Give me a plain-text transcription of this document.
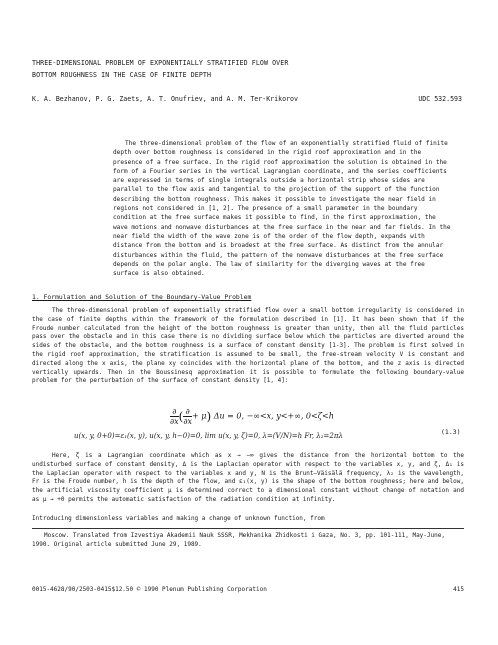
THREE-DIMENSIONAL PROBLEM OF EXPONENTIALLY STRATIFIED FLOW OVER
BOTTOM ROUGHNESS IN THE CASE OF FINITE DEPTH
K. A. Bezhanov, P. G. Zaets, A. T. Onufriev, and A. M. Ter-Krikorov	UDC 532.593

The three-dimensional problem of the flow of an exponentially stratified fluid of finite depth over bottom roughness is considered in the rigid roof approximation and in the presence of a free surface. In the rigid roof approximation the solution is obtained in the form of a Fourier series in the vertical Lagrangian coordinate, and the series coefficients are expressed in terms of single integrals outside a horizontal strip whose sides are parallel to the flow axis and tangential to the projection of the support of the function describing the bottom roughness. This makes it possible to investigate the near field in regions not considered in [1, 2]. The presence of a small parameter in the boundary condition at the free surface makes it possible to find, in the first approximation, the wave motions and nonwave disturbances at the free surface in the near and far fields. In the near field the width of the wave zone is of the order of the flow depth, expands with distance from the bottom and is broadest at the free surface. As distinct from the annular disturbances within the fluid, the pattern of the nonwave disturbances at the free surface depends on the polar angle. The law of similarity for the diverging waves at the free surface is also obtained.

1. Formulation and Solution of the Boundary-Value Problem

The three-dimensional problem of exponentially stratified flow over a small bottom irregularity is considered in the case of finite depths within the framework of the formulation described in [1]. It has been shown that if the Froude number calculated from the height of the bottom roughness is greater than unity, then all the fluid particles pass over the obstacle and in this case there is no dividing surface below which the particles are diverted around the sides of the obstacle, and the bottom roughness is a surface of constant density [1-3]. The problem is first solved in the rigid roof approximation, the stratification is assumed to be small, the free-stream velocity V is constant and directed along the x axis, the plane xy coincides with the horizontal plane of the bottom, and the z axis is directed vertically upwards. Then in the Boussinesq approximation it is possible to formulate the following boundary-value problem for the perturbation of the surface of constant density [1, 4]:

$\frac{\partial}{\partial x}$ ( $\frac{\partial}{\partial x} + \mu$) Δu = 0, −∞<x, y<+∞, 0<ζ<h
u(x, y, 0+0)=ε₁(x, y), u(x, y, h−0)=0, lim u(x, y, ζ)=0, λ=(V/N)=h Fr, λ₂=2πλ	(1.3)

Here, ζ is a Lagrangian coordinate which as x → −∞ gives the distance from the horizontal bottom to the undisturbed surface of constant density, Δ is the Laplacian operator with respect to the variables x, y, and ζ, Δ₁ is the Laplacian operator with respect to the variables x and y, N is the Brunt–Väisälä frequency, λ₂ is the wavelength, Fr is the Froude number, h is the depth of the flow, and ε₁(x, y) is the shape of the bottom roughness; here and below, the artificial viscosity coefficient μ is determined correct to a dimensional constant without change of notation and as μ → +0 permits the automatic satisfaction of the radiation condition at infinity.

Introducing dimensionless variables and making a change of unknown function, from

Moscow. Translated from Izvestiya Akademii Nauk SSSR, Mekhanika Zhidkosti i Gaza, No. 3, pp. 101-111, May-June, 1990. Original article submitted June 29, 1989.

0015-4628/90/2503-0415$12.50 © 1990 Plenum Publishing Corporation	415
